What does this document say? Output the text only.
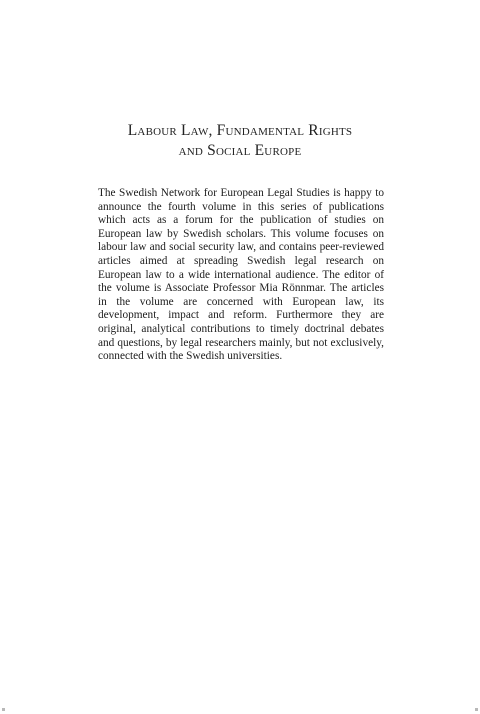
Labour Law, Fundamental Rights
and Social Europe

The Swedish Network for European Legal Studies is happy to announce the fourth volume in this series of publications which acts as a forum for the publication of studies on European law by Swedish scholars. This volume focuses on labour law and social security law, and contains peer-reviewed articles aimed at spreading Swedish legal research on European law to a wide international audience. The editor of the volume is Associate Professor Mia Rönnmar. The articles in the volume are concerned with European law, its development, impact and reform. Furthermore they are original, analytical contributions to timely doctrinal debates and questions, by legal researchers mainly, but not exclusively, connected with the Swedish universities.
